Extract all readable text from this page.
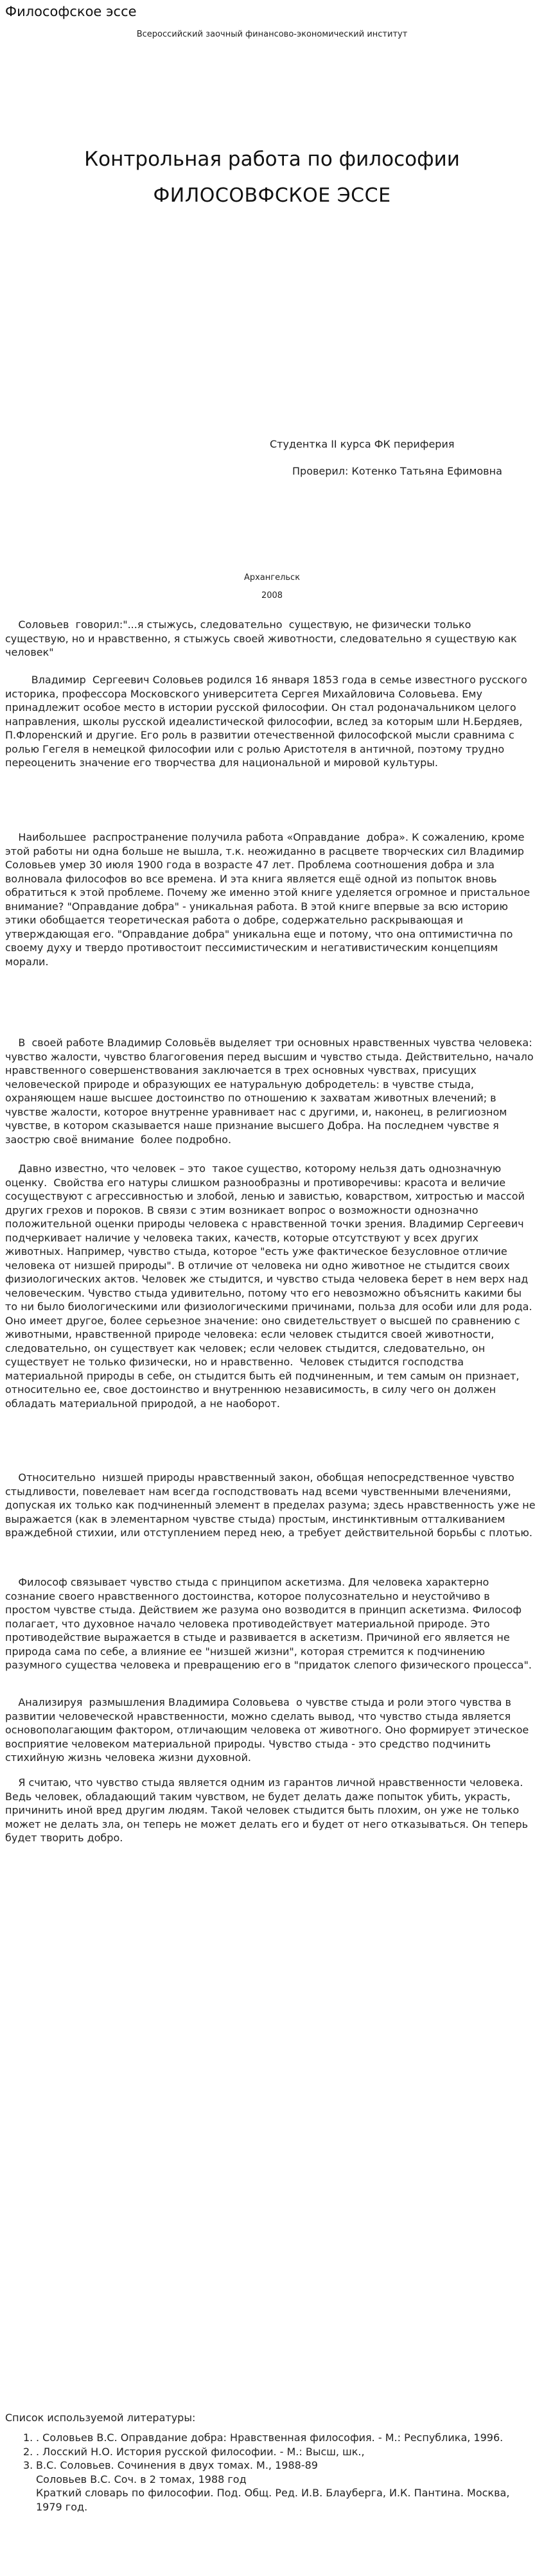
Философское эссе
Всероссийский заочный финансово-экономический институт
Контрольная работа по философии
ФИЛОСОВФСКОЕ ЭССЕ
Студентка II курса ФК периферия
Проверил: Котенко Татьяна Ефимовна
Архангельск
2008

Соловьев  говорил:"...я стыжусь, следовательно  существую, не физически только существую, но и нравственно, я стыжусь своей животности, следовательно я существую как человек"

Владимир  Сергеевич Соловьев родился 16 января 1853 года в семье известного русского историка, профессора Московского университета Сергея Михайловича Соловьева. Ему принадлежит особое место в истории русской философии. Он стал родоначальником целого направления, школы русской идеалистической философии, вслед за которым шли Н.Бердяев, П.Флоренский и другие. Его роль в развитии отечественной философской мысли сравнима с ролью Гегеля в немецкой философии или с ролью Аристотеля в античной, поэтому трудно переоценить значение его творчества для национальной и мировой культуры.

Наибольшее  распространение получила работа «Оправдание  добра». К сожалению, кроме этой работы ни одна больше не вышла, т.к. неожиданно в расцвете творческих сил Владимир Соловьев умер 30 июля 1900 года в возрасте 47 лет. Проблема соотношения добра и зла волновала философов во все времена. И эта книга является ещё одной из попыток вновь обратиться к этой проблеме. Почему же именно этой книге уделяется огромное и пристальное внимание? "Оправдание добра" - уникальная работа. В этой книге впервые за всю историю этики обобщается теоретическая работа о добре, содержательно раскрывающая и утверждающая его. "Оправдание добра" уникальна еще и потому, что она оптимистична по своему духу и твердо противостоит пессимистическим и негативистическим концепциям морали.

В  своей работе Владимир Соловьёв выделяет три основных нравственных чувства человека: чувство жалости, чувство благоговения перед высшим и чувство стыда. Действительно, начало нравственного совершенствования заключается в трех основных чувствах, присущих человеческой природе и образующих ее натуральную добродетель: в чувстве стыда, охраняющем наше высшее достоинство по отношению к захватам животных влечений; в чувстве жалости, которое внутренне уравнивает нас с другими, и, наконец, в религиозном чувстве, в котором сказывается наше признание высшего Добра. На последнем чувстве я заострю своё внимание  более подробно.

Давно известно, что человек – это  такое существо, которому нельзя дать однозначную оценку.  Свойства его натуры слишком разнообразны и противоречивы: красота и величие сосуществуют с агрессивностью и злобой, ленью и завистью, коварством, хитростью и массой других грехов и пороков. В связи с этим возникает вопрос о возможности однозначно положительной оценки природы человека с нравственной точки зрения. Владимир Сергеевич подчеркивает наличие у человека таких, качеств, которые отсутствуют у всех других животных. Например, чувство стыда, которое "есть уже фактическое безусловное отличие человека от низшей природы". В отличие от человека ни одно животное не стыдится своих физиологических актов. Человек же стыдится, и чувство стыда человека берет в нем верх над человеческим. Чувство стыда удивительно, потому что его невозможно объяснить какими бы то ни было биологическими или физиологическими причинами, польза для особи или для рода. Оно имеет другое, более серьезное значение: оно свидетельствует о высшей по сравнению с животными, нравственной природе человека: если человек стыдится своей животности, следовательно, он существует как человек; если человек стыдится, следовательно, он существует не только физически, но и нравственно.  Человек стыдится господства материальной природы в себе, он стыдится быть ей подчиненным, и тем самым он признает, относительно ее, свое достоинство и внутреннюю независимость, в силу чего он должен обладать материальной природой, а не наоборот.

Относительно  низшей природы нравственный закон, обобщая непосредственное чувство стыдливости, повелевает нам всегда господствовать над всеми чувственными влечениями, допуская их только как подчиненный элемент в пределах разума; здесь нравственность уже не выражается (как в элементарном чувстве стыда) простым, инстинктивным отталкиванием враждебной стихии, или отступлением перед нею, а требует действительной борьбы с плотью.

Философ связывает чувство стыда с принципом аскетизма. Для человека характерно сознание своего нравственного достоинства, которое полусознательно и неустойчиво в простом чувстве стыда. Действием же разума оно возводится в принцип аскетизма. Философ полагает, что духовное начало человека противодействует материальной природе. Это противодействие выражается в стыде и развивается в аскетизм. Причиной его является не природа сама по себе, а влияние ее "низшей жизни", которая стремится к подчинению разумного существа человека и превращению его в "придаток слепого физического процесса".

Анализируя  размышления Владимира Соловьева  о чувстве стыда и роли этого чувства в развитии человеческой нравственности, можно сделать вывод, что чувство стыда является основополагающим фактором, отличающим человека от животного. Оно формирует этическое восприятие человеком материальной природы. Чувство стыда - это средство подчинить стихийную жизнь человека жизни духовной.

Я считаю, что чувство стыда является одним из гарантов личной нравственности человека. Ведь человек, обладающий таким чувством, не будет делать даже попыток убить, украсть, причинить иной вред другим людям. Такой человек стыдится быть плохим, он уже не только может не делать зла, он теперь не может делать его и будет от него отказываться. Он теперь будет творить добро.

Список используемой литературы:
1. . Соловьев В.С. Оправдание добра: Нравственная философия. - М.: Республика, 1996.
2. . Лосский Н.О. История русской философии. - М.: Высш, шк.,
3. В.С. Соловьев. Сочинения в двух томах. М., 1988-89
Соловьев В.С. Соч. в 2 томах, 1988 год
Краткий словарь по философии. Под. Общ. Ред. И.В. Блауберга, И.К. Пантина. Москва, 1979 год.
